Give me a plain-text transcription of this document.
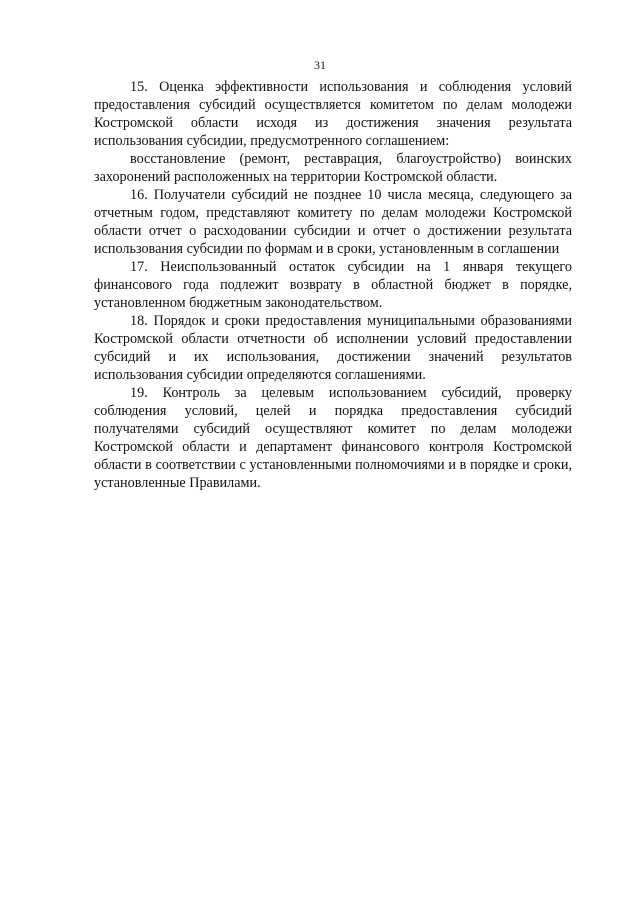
31

15. Оценка эффективности использования и соблюдения условий предоставления субсидий осуществляется комитетом по делам молодежи Костромской области исходя из достижения значения результата использования субсидии, предусмотренного соглашением:

восстановление (ремонт, реставрация, благоустройство) воинских захоронений расположенных на территории Костромской области.

16. Получатели субсидий не позднее 10 числа месяца, следующего за отчетным годом, представляют комитету по делам молодежи Костромской области отчет о расходовании субсидии и отчет о достижении результата использования субсидии по формам и в сроки, установленным в соглашении

17. Неиспользованный остаток субсидии на 1 января текущего финансового года подлежит возврату в областной бюджет в порядке, установленном бюджетным законодательством.

18. Порядок и сроки предоставления муниципальными образованиями Костромской области отчетности об исполнении условий предоставлении субсидий и их использования, достижении значений результатов использования субсидии определяются соглашениями.

19. Контроль за целевым использованием субсидий, проверку соблюдения условий, целей и порядка предоставления субсидий получателями субсидий осуществляют комитет по делам молодежи Костромской области и департамент финансового контроля Костромской области в соответствии с установленными полномочиями и в порядке и сроки, установленные Правилами.
